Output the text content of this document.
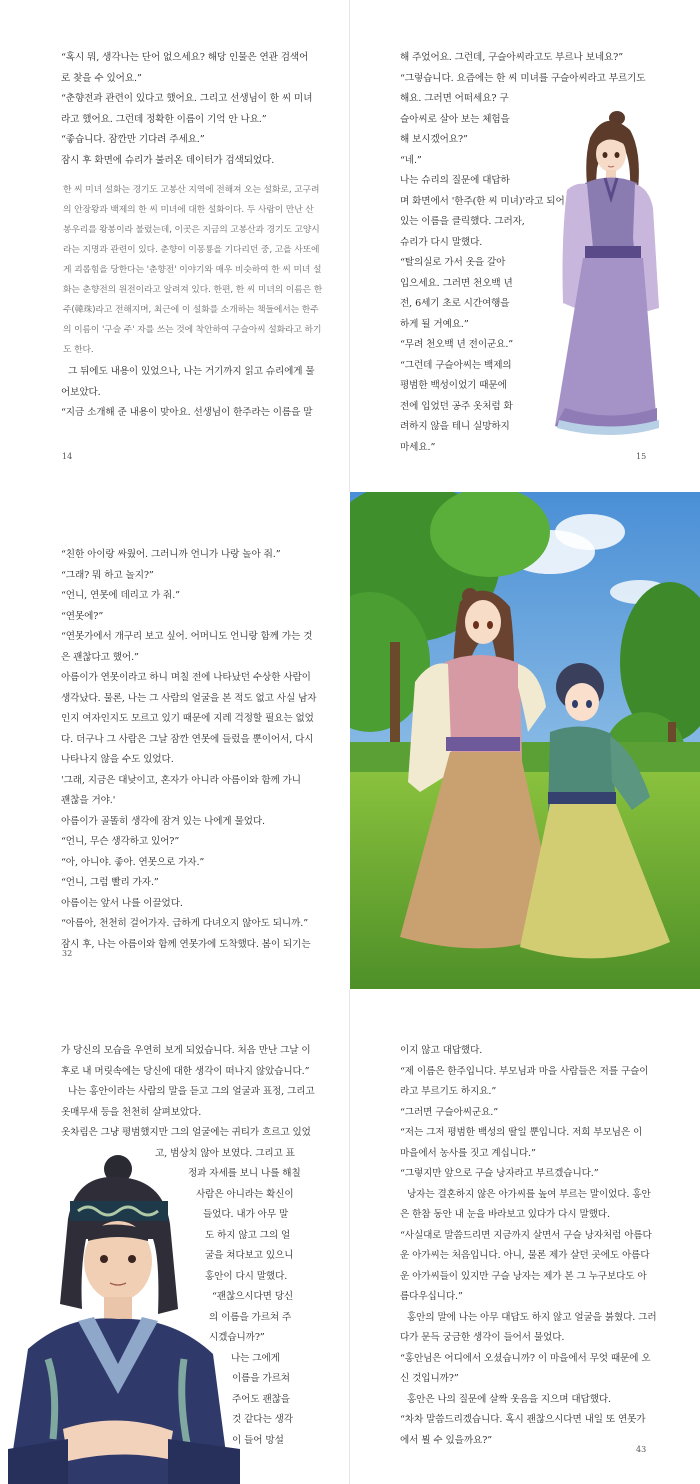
“혹시 뭐, 생각나는 단어 없으세요? 해당 인물은 연관 검색어

로 찾을 수 있어요.”

“춘향전과 관련이 있다고 했어요. 그리고 선생님이 한 씨 미녀

라고 했어요. 그런데 정확한 이름이 기억 안 나요.”

“좋습니다. 잠깐만 기다려 주세요.”

잠시 후 화면에 슈리가 불러온 데이터가 검색되었다.

한 씨 미녀 설화는 경기도 고봉산 지역에 전해져 오는 설화로, 고구려

의 안장왕과 백제의 한 씨 미녀에 대한 설화이다. 두 사람이 만난 산

봉우리를 왕봉이라 불렀는데, 이곳은 지금의 고봉산과 경기도 고양시

라는 지명과 관련이 있다. 춘향이 이몽룡을 기다리던 중, 고을 사또에

게 괴롭힘을 당한다는 '춘향전' 이야기와 매우 비슷하여 한 씨 미녀 설

화는 춘향전의 원전이라고 알려져 있다. 한편, 한 씨 미녀의 이름은 한

주(韓珠)라고 전해지며, 최근에 이 설화를 소개하는 책들에서는 한주

의 이름이 '구슬 주' 자를 쓰는 것에 착안하여 구슬아씨 설화라고 하기

도 한다.

그 뒤에도 내용이 있었으나, 나는 거기까지 읽고 슈리에게 물

어보았다.

“지금 소개해 준 내용이 맞아요. 선생님이 한주라는 이름을 말

14

해 주었어요. 그런데, 구슬아씨라고도 부르나 보네요?”

“그렇습니다. 요즘에는 한 씨 미녀를 구슬아씨라고 부르기도

해요. 그러면 어떠세요? 구

슬아씨로 살아 보는 체험을

해 보시겠어요?”

“네.”

나는 슈리의 질문에 대답하

며 화면에서 '한주(한 씨 미녀)'라고 되어

있는 이름을 클릭했다. 그러자,

슈리가 다시 말했다.

“탈의실로 가서 옷을 갈아

입으세요. 그러면 천오백 년

전, 6세기 초로 시간여행을

하게 될 거예요.”

“무려 천오백 년 전이군요.”

“그런데 구슬아씨는 백제의

평범한 백성이었기 때문에

전에 입었던 공주 옷처럼 화

려하지 않을 테니 실망하지

마세요.”

15

“친한 아이랑 싸웠어. 그러니까 언니가 나랑 놀아 줘.”

“그래? 뭐 하고 놀지?”

“언니, 연못에 데리고 가 줘.”

“연못에?”

“연못가에서 개구리 보고 싶어. 어머니도 언니랑 함께 가는 것

은 괜찮다고 했어.”

아름이가 연못이라고 하니 며칠 전에 나타났던 수상한 사람이

생각났다. 물론, 나는 그 사람의 얼굴을 본 적도 없고 사실 남자

인지 여자인지도 모르고 있기 때문에 지레 걱정할 필요는 없었

다. 더구나 그 사람은 그날 잠깐 연못에 들렀을 뿐이어서, 다시

나타나지 않을 수도 있었다.

'그래, 지금은 대낮이고, 혼자가 아니라 아름이와 함께 가니

괜찮을 거야.'

아름이가 골똘히 생각에 잠겨 있는 나에게 물었다.

“언니, 무슨 생각하고 있어?”

“아, 아니야. 좋아. 연못으로 가자.”

“언니, 그럼 빨리 가자.”

아름이는 앞서 나를 이끌었다.

“아름아, 천천히 걸어가자. 급하게 다녀오지 않아도 되니까.”

잠시 후, 나는 아름이와 함께 연못가에 도착했다. 봄이 되기는

32

가 당신의 모습을 우연히 보게 되었습니다. 처음 만난 그날 이

후로 내 머릿속에는 당신에 대한 생각이 떠나지 않았습니다.”

나는 홍안이라는 사람의 말을 듣고 그의 얼굴과 표정, 그리고

옷매무새 등을 천천히 살펴보았다.

옷차림은 그냥 평범했지만 그의 얼굴에는 귀티가 흐르고 있었

고, 범상치 않아 보였다. 그리고 표

정과 자세를 보니 나를 해칠

사람은 아니라는 확신이

들었다. 내가 아무 말

도 하지 않고 그의 얼

굴을 쳐다보고 있으니

홍안이 다시 말했다.

“괜찮으시다면 당신

의 이름을 가르쳐 주

시겠습니까?”

나는 그에게

이름을 가르쳐

주어도 괜찮을

것 같다는 생각

이 들어 망설

이지 않고 대답했다.

“제 이름은 한주입니다. 부모님과 마을 사람들은 저를 구슬이

라고 부르기도 하지요.”

“그러면 구슬아씨군요.”

“저는 그저 평범한 백성의 딸일 뿐입니다. 저희 부모님은 이

마을에서 농사를 짓고 계십니다.”

“그렇지만 앞으로 구슬 낭자라고 부르겠습니다.”

낭자는 결혼하지 않은 아가씨를 높여 부르는 말이었다. 홍안

은 한참 동안 내 눈을 바라보고 있다가 다시 말했다.

“사실대로 말씀드리면 지금까지 살면서 구슬 낭자처럼 아름다

운 아가씨는 처음입니다. 아니, 물론 제가 살던 곳에도 아름다

운 아가씨들이 있지만 구슬 낭자는 제가 본 그 누구보다도 아

름다우십니다.”

홍안의 말에 나는 아무 대답도 하지 않고 얼굴을 붉혔다. 그러

다가 문득 궁금한 생각이 들어서 물었다.

“홍안님은 어디에서 오셨습니까? 이 마을에서 무엇 때문에 오

신 것입니까?”

홍안은 나의 질문에 살짝 웃음을 지으며 대답했다.

“차차 말씀드리겠습니다. 혹시 괜찮으시다면 내일 또 연못가

에서 뵐 수 있을까요?”

43
